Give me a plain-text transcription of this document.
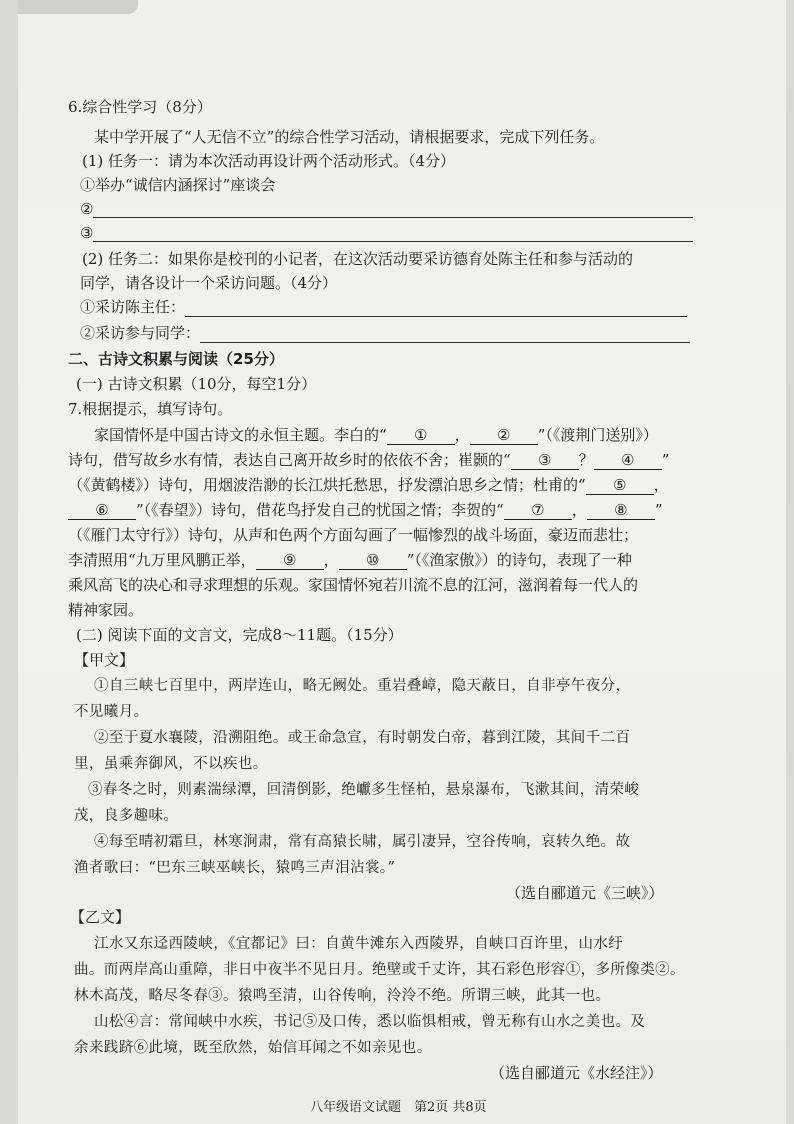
6.综合性学习（8分）
某中学开展了“人无信不立”的综合性学习活动，请根据要求，完成下列任务。
(1) 任务一：请为本次活动再设计两个活动形式。（4分）
①举办“诚信内涵探讨”座谈会
②
③
(2) 任务二：如果你是校刊的小记者，在这次活动要采访德育处陈主任和参与活动的
同学，请各设计一个采访问题。（4分）
①采访陈主任：
②采访参与同学：
二、古诗文积累与阅读（25分）
(一) 古诗文积累（10分，每空1分）
7.根据提示，填写诗句。
家国情怀是中国古诗文的永恒主题。李白的“ ① ， ② ”（《渡荆门送别》）
诗句，借写故乡水有情，表达自己离开故乡时的依依不舍；崔颢的“ ③ ？ ④ ”
（《黄鹤楼》）诗句，用烟波浩渺的长江烘托愁思，抒发漂泊思乡之情；杜甫的“ ⑤ ，
⑥ ”（《春望》）诗句，借花鸟抒发自己的忧国之情；李贺的“ ⑦ ， ⑧ ”
（《雁门太守行》）诗句，从声和色两个方面勾画了一幅惨烈的战斗场面，豪迈而悲壮；
李清照用“九万里风鹏正举， ⑨ ， ⑩ ”（《渔家傲》）的诗句，表现了一种
乘风高飞的决心和寻求理想的乐观。家国情怀宛若川流不息的江河，滋润着每一代人的
精神家园。
(二) 阅读下面的文言文，完成8～11题。（15分）
【甲文】
①自三峡七百里中，两岸连山，略无阙处。重岩叠嶂，隐天蔽日，自非亭午夜分，
不见曦月。
②至于夏水襄陵，沿溯阻绝。或王命急宣，有时朝发白帝，暮到江陵，其间千二百
里，虽乘奔御风，不以疾也。
③春冬之时，则素湍绿潭，回清倒影，绝巘多生怪柏，悬泉瀑布，飞漱其间，清荣峻
茂，良多趣味。
④每至晴初霜旦，林寒涧肃，常有高猿长啸，属引凄异，空谷传响，哀转久绝。故
渔者歌曰：“巴东三峡巫峡长，猿鸣三声泪沾裳。”
（选自郦道元《三峡》）
【乙文】
江水又东迳西陵峡，《宜都记》曰：自黄牛滩东入西陵界，自峡口百许里，山水纡
曲。而两岸高山重障，非日中夜半不见日月。绝壁或千丈许，其石彩色形容①，多所像类②。
林木高茂，略尽冬春③。猿鸣至清，山谷传响，泠泠不绝。所谓三峡，此其一也。
山松④言：常闻峡中水疾，书记⑤及口传，悉以临惧相戒，曾无称有山水之美也。及
余来践跻⑥此境，既至欣然，始信耳闻之不如亲见也。
（选自郦道元《水经注》）
八年级语文试题　第2页 共8页
